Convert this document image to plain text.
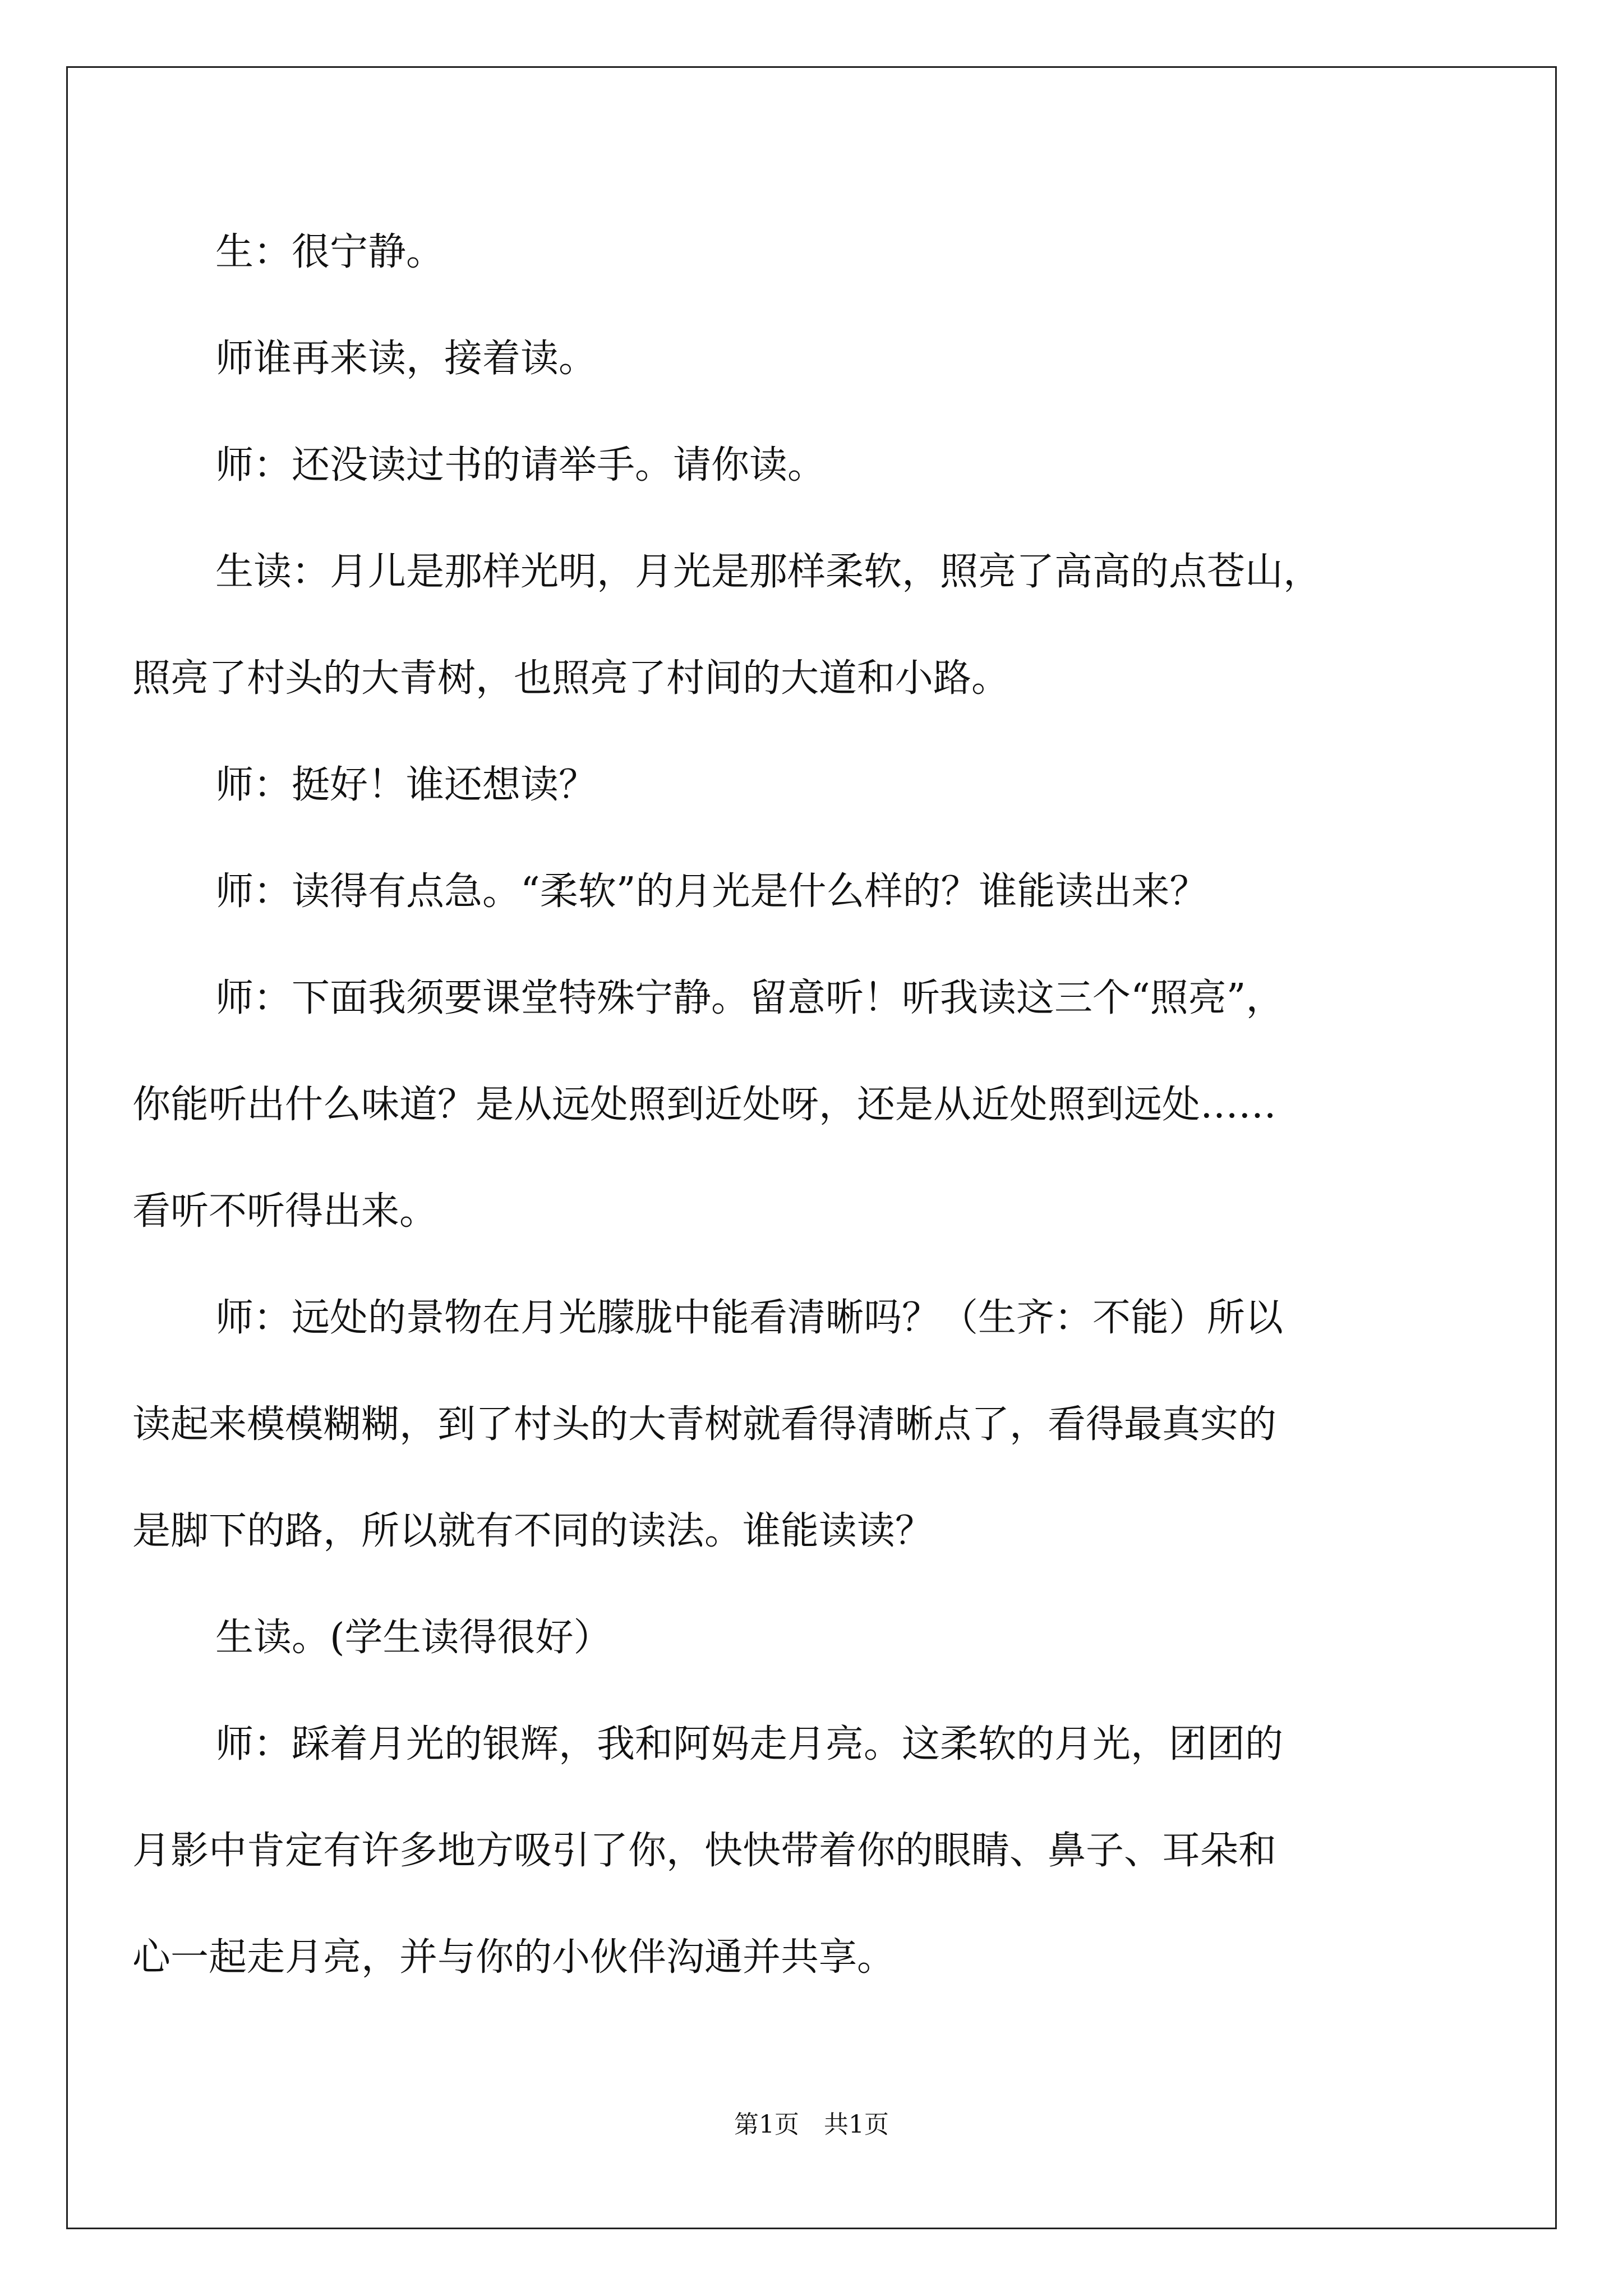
生：很宁静。
师谁再来读，接着读。
师：还没读过书的请举手。请你读。
生读：月儿是那样光明，月光是那样柔软，照亮了高高的点苍山，
照亮了村头的大青树，也照亮了村间的大道和小路。
师：挺好！谁还想读？
师：读得有点急。“柔软”的月光是什么样的？谁能读出来？
师：下面我须要课堂特殊宁静。留意听！听我读这三个“照亮”，
你能听出什么味道？是从远处照到近处呀，还是从近处照到远处……
看听不听得出来。
师：远处的景物在月光朦胧中能看清晰吗？（生齐：不能）所以
读起来模模糊糊，到了村头的大青树就看得清晰点了，看得最真实的
是脚下的路，所以就有不同的读法。谁能读读？
生读。(学生读得很好）
师：踩着月光的银辉，我和阿妈走月亮。这柔软的月光，团团的
月影中肯定有许多地方吸引了你，快快带着你的眼睛、鼻子、耳朵和
心一起走月亮，并与你的小伙伴沟通并共享。
第1页　共1页
